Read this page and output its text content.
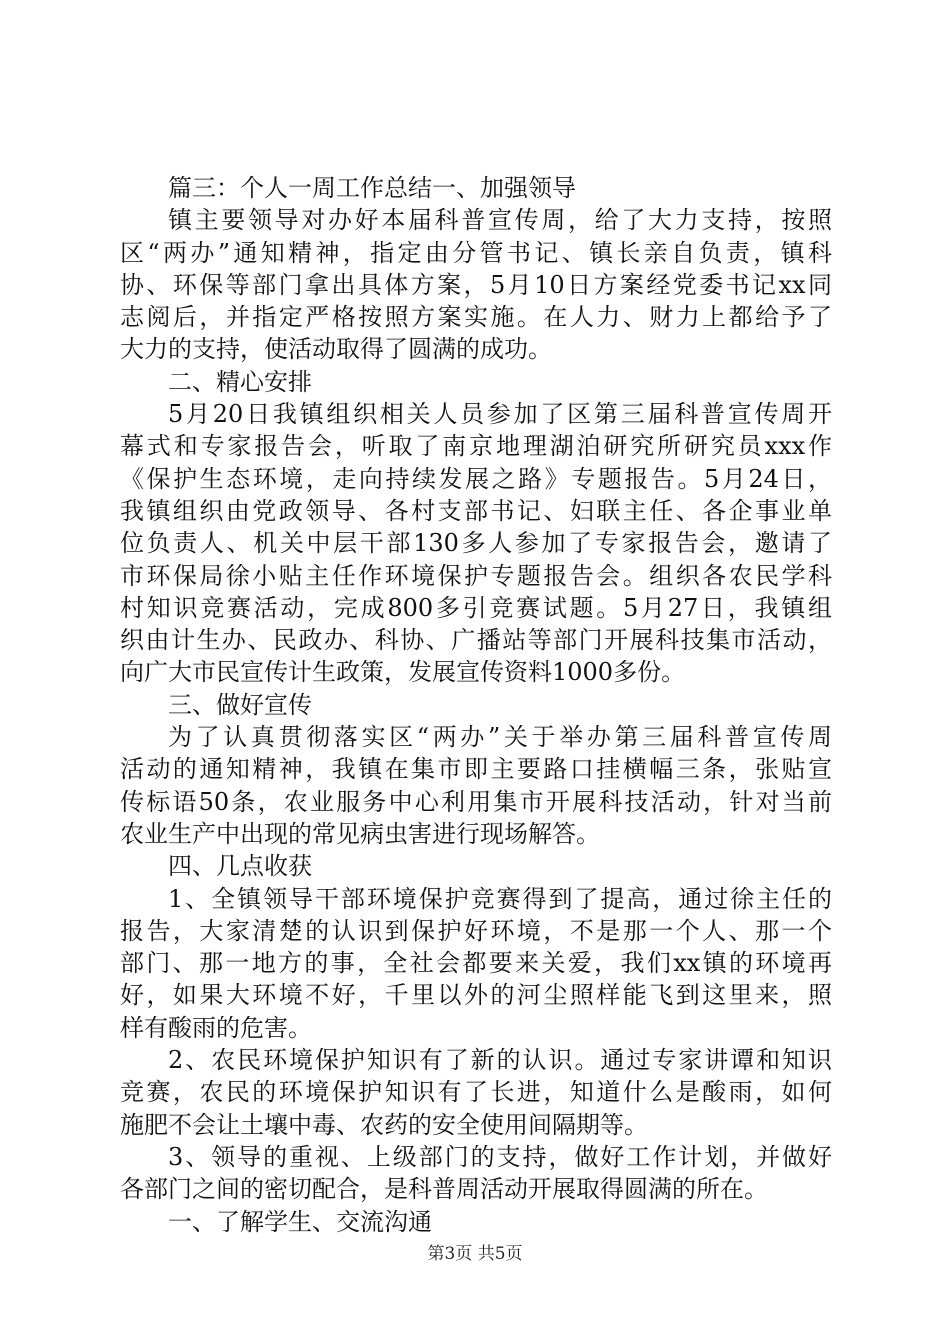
篇三：个人一周工作总结一、加强领导
镇主要领导对办好本届科普宣传周，给了大力支持，按照
区“两办”通知精神，指定由分管书记、镇长亲自负责，镇科
协、环保等部门拿出具体方案，5月10日方案经党委书记xx同
志阅后，并指定严格按照方案实施。在人力、财力上都给予了
大力的支持，使活动取得了圆满的成功。
二、精心安排
5月20日我镇组织相关人员参加了区第三届科普宣传周开
幕式和专家报告会，听取了南京地理湖泊研究所研究员xxx作
《保护生态环境，走向持续发展之路》专题报告。5月24日，
我镇组织由党政领导、各村支部书记、妇联主任、各企事业单
位负责人、机关中层干部130多人参加了专家报告会，邀请了
市环保局徐小贴主任作环境保护专题报告会。组织各农民学科
村知识竞赛活动，完成800多引竞赛试题。5月27日，我镇组
织由计生办、民政办、科协、广播站等部门开展科技集市活动，
向广大市民宣传计生政策，发展宣传资料1000多份。
三、做好宣传
为了认真贯彻落实区“两办”关于举办第三届科普宣传周
活动的通知精神，我镇在集市即主要路口挂横幅三条，张贴宣
传标语50条，农业服务中心利用集市开展科技活动，针对当前
农业生产中出现的常见病虫害进行现场解答。
四、几点收获
1、全镇领导干部环境保护竞赛得到了提高，通过徐主任的
报告，大家清楚的认识到保护好环境，不是那一个人、那一个
部门、那一地方的事，全社会都要来关爱，我们xx镇的环境再
好，如果大环境不好，千里以外的河尘照样能飞到这里来，照
样有酸雨的危害。
2、农民环境保护知识有了新的认识。通过专家讲谭和知识
竞赛，农民的环境保护知识有了长进，知道什么是酸雨，如何
施肥不会让土壤中毒、农药的安全使用间隔期等。
3、领导的重视、上级部门的支持，做好工作计划，并做好
各部门之间的密切配合，是科普周活动开展取得圆满的所在。
一、了解学生、交流沟通
第3页 共5页
